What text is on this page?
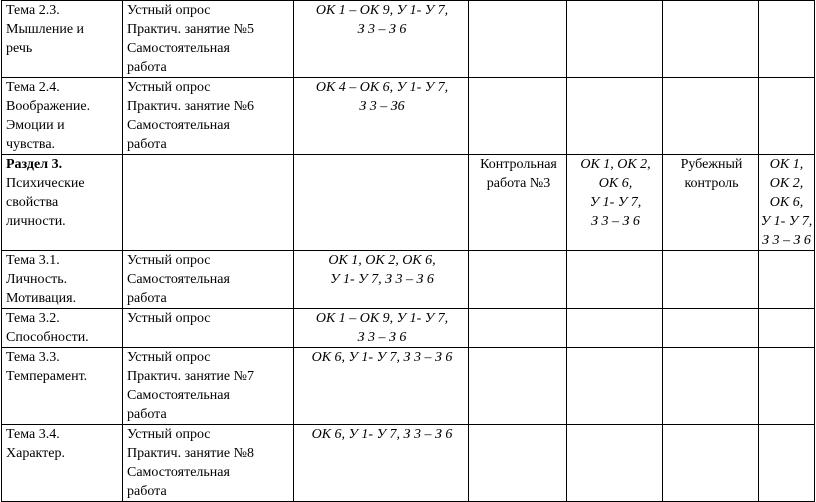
Тема 2.3.
Мышление и
речь	Устный опрос
Практич. занятие №5
Самостоятельная
работа	ОК 1 – ОК 9, У 1- У 7,
З 3 – З 6				

Тема 2.4.
Воображение.
Эмоции и
чувства.	Устный опрос
Практич. занятие №6
Самостоятельная
работа	ОК 4 – ОК 6, У 1- У 7,
З 3 – З6				

Раздел 3.
Психические
свойства
личности.			Контрольная
работа №3	ОК 1, ОК 2,
ОК 6,
У 1- У 7,
З 3 – З 6	Рубежный
контроль	ОК 1,
ОК 2,
ОК 6,
У 1- У 7,
З 3 – З 6

Тема 3.1.
Личность.
Мотивация.	Устный опрос
Самостоятельная
работа	ОК 1, ОК 2, ОК 6,
У 1- У 7, З 3 – З 6				

Тема 3.2.
Способности.	Устный опрос	ОК 1 – ОК 9, У 1- У 7,
З 3 – З 6				

Тема 3.3.
Темперамент.	Устный опрос
Практич. занятие №7
Самостоятельная
работа	ОК 6, У 1- У 7, З 3 – З 6				

Тема 3.4.
Характер.	Устный опрос
Практич. занятие №8
Самостоятельная
работа	ОК 6, У 1- У 7, З 3 – З 6				
